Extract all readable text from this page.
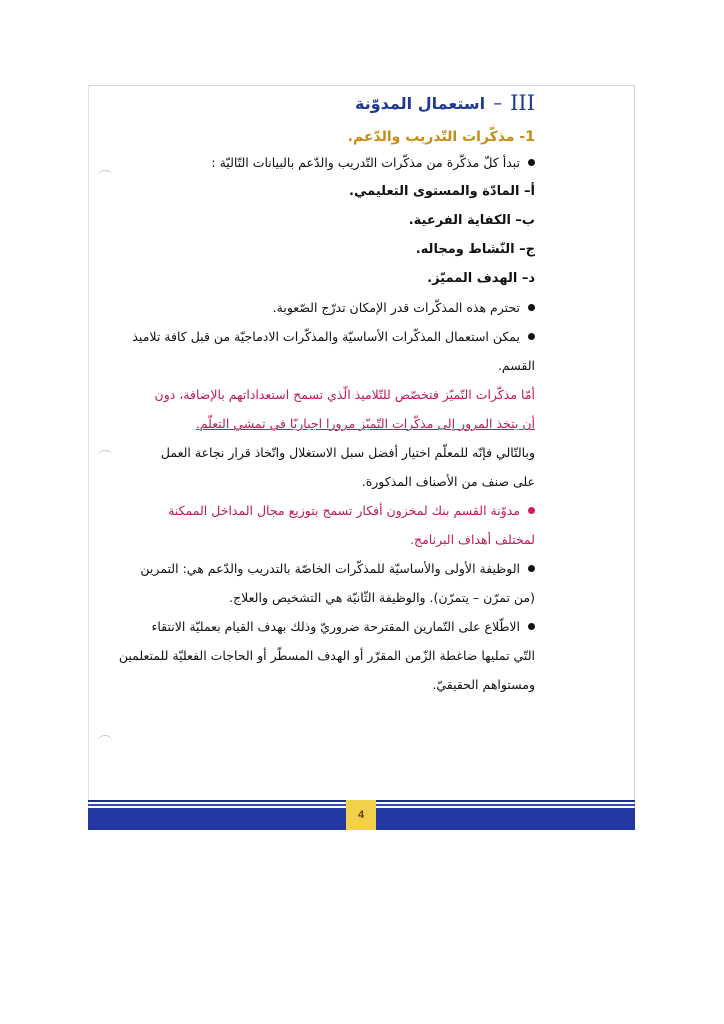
III
–
استعمال المدوّنة
1- مذكّرات التّدريب والدّعم.
تبدأ كلّ مذكّرة من مذكّرات التّدريب والدّعم بالبيانات التّاليّة :
أ– المادّة والمستوى التعليمي.
ب– الكفاية الفرعية.
ج– النّشاط ومجاله.
د– الهدف المميّز.
تحترم هذه المذكّرات قدر الإمكان تدرّج الصّعوبة.
يمكن استعمال المذكّرات الأساسيّة والمذكّرات الادماجيّة من قبل كافة تلاميذ
القسم.
أمّا مذكّرات التّميّز فتخصّص للتّلاميذ الّذي تسمح استعداداتهم بالإضافة، دون
أن يتخذ المرور إلى مذكّرات التّميّز مرورا اجباريّا في تمشي التعلّم.
وبالتّالي فإنّه للمعلّم اختيار أفضل سبل الاستغلال واتّخاذ قرار نجاعة العمل
على صنف من الأصناف المذكورة.
مدوّنة القسم بنك لمخزون أفكار تسمح بتوزيع مجال المداخل الممكنة
لمختلف أهداف البرنامج.
الوظيفة الأولى والأساسيّة للمذكّرات الخاصّة بالتدريب والدّعم هي: التمرين
(من تمرّن – يتمرّن). والوظيفة الثّانيّة هي التشخيص والعلاج.
الاطّلاع على التّمارين المقترحة ضروريّ وذلك بهدف القيام بعمليّة الانتقاء
التّي تمليها ضاغطة الزّمن المقرّر أو الهدف المسطّر أو الحاجات الفعليّة للمتعلمين
ومستواهم الحقيقيّ.
4
